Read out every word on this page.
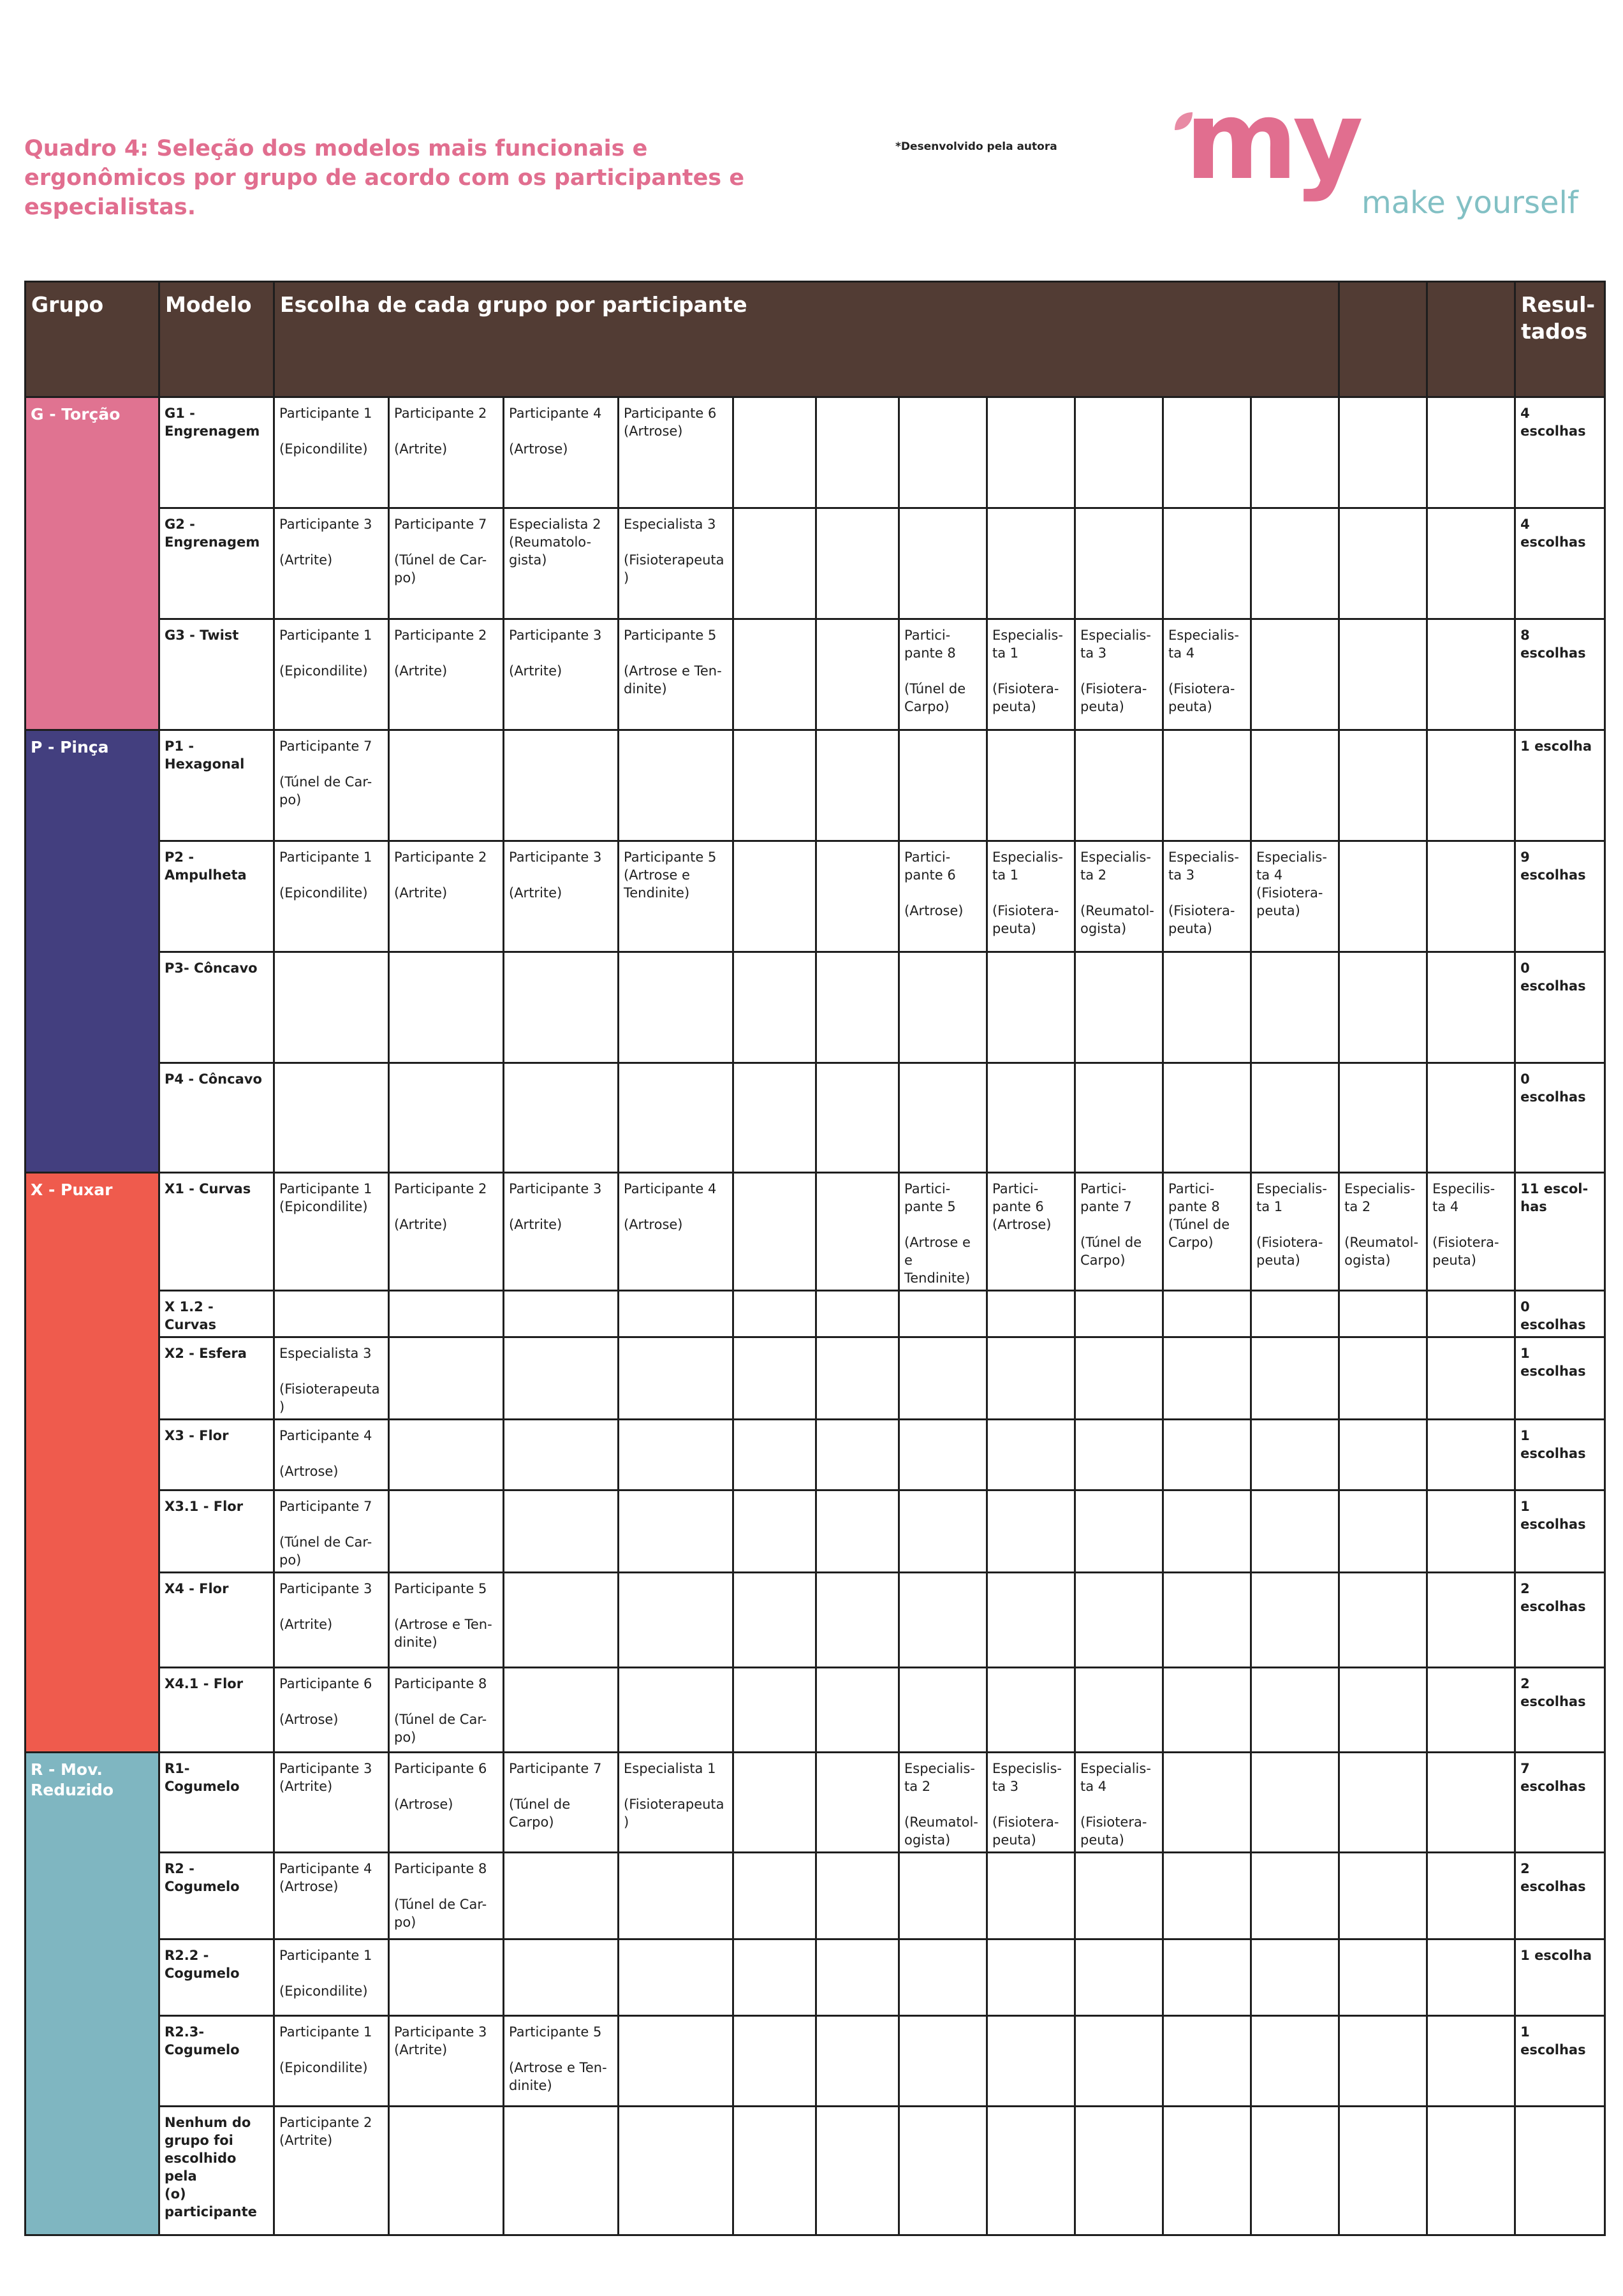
Quadro 4: Seleção dos modelos mais funcionais e ergonômicos por grupo de acordo com os participantes e especialistas.
*Desenvolvido pela autora my make yourself
Grupo	Modelo	Escolha de cada grupo por participante													Resul-
tados

G - Torção	G1 -
Engrenagem	Participante 1
(Epicondilite)	Participante 2
(Artrite)	Participante 4
(Artrose)	Participante 6
(Artrose)										4 escolhas

	G2 -
Engrenagem	Participante 3
(Artrite)	Participante 7
(Túnel de Car-
po)	Especialista 2
(Reumatolo-
gista)	Especialista 3
(Fisioterapeuta)										4 escolhas
	G3 - Twist	Participante 1
(Epicondilite)	Participante 2
(Artrite)	Participante 3
(Artrite)	Participante 5
(Artrose e Ten-
dinite)			Partici-
pante 8
(Túnel de
Carpo)	Especialis-
ta 1
(Fisiotera-
peuta)	Especialis-
ta 3
(Fisiotera-
peuta)	Especialis-
ta 4
(Fisiotera-
peuta)				8 escolhas
P - Pinça	P1 -
Hexagonal	Participante 7
(Túnel de Car-
po)													1 escolha

	P2 -
Ampulheta	Participante 1
(Epicondilite)	Participante 2
(Artrite)	Participante 3
(Artrite)	Participante 5
(Artrose e
Tendinite)			Partici-
pante 6
(Artrose)	Especialis-
ta 1
(Fisiotera-
peuta)	Especialis-
ta 2
(Reumatol-
ogista)	Especialis-
ta 3
(Fisiotera-
peuta)	Especialis-
ta 4
(Fisiotera-
peuta)			9 escolhas
	P3- Côncavo														0 escolhas
	P4 - Côncavo														0 escolhas
X - Puxar	X1 - Curvas	Participante 1
(Epicondilite)	Participante 2
(Artrite)	Participante 3
(Artrite)	Participante 4
(Artrose)			Partici-
pante 5
(Artrose e e
Tendinite)	Partici-
pante 6
(Artrose)	Partici-
pante 7
(Túnel de
Carpo)	Partici-
pante 8
(Túnel de
Carpo)	Especialis-
ta 1
(Fisiotera-
peuta)	Especialis-
ta 2
(Reumatol-
ogista)	Especilis-
ta 4
(Fisiotera-
peuta)	11 escol-
has

	X 1.2 - Curvas														0 escolhas
	X2 - Esfera	Especialista 3
(Fisioterapeuta)													1 escolhas
	X3 - Flor	Participante 4
(Artrose)													1 escolhas
	X3.1 - Flor	Participante 7
(Túnel de Car-
po)													1 escolhas
	X4 - Flor	Participante 3
(Artrite)	Participante 5
(Artrose e Ten-
dinite)												2 escolhas
	X4.1 - Flor	Participante 6
(Artrose)	Participante 8
(Túnel de Car-
po)												2 escolhas

R - Mov.
Reduzido	R1- Cogumelo	Participante 3
(Artrite)	Participante 6
(Artrose)	Participante 7
(Túnel de
Carpo)	Especialista 1
(Fisioterapeuta)			Especialis-
ta 2
(Reumatol-
ogista)	Especislis-
ta 3
(Fisiotera-
peuta)	Especialis-
ta 4
(Fisiotera-
peuta)					7 escolhas
	R2 - Cogumelo	Participante 4
(Artrose)	Participante 8
(Túnel de Car-
po)												2 escolhas

	R2.2 -
Cogumelo	Participante 1
(Epicondilite)													1 escolha

	R2.3-
Cogumelo	Participante 1
(Epicondilite)	Participante 3
(Artrite)	Participante 5
(Artrose e Ten-
dinite)											1 escolhas

	Nenhum do
grupo foi
escolhido pela
(o)
participante	Participante 2
(Artrite)													
